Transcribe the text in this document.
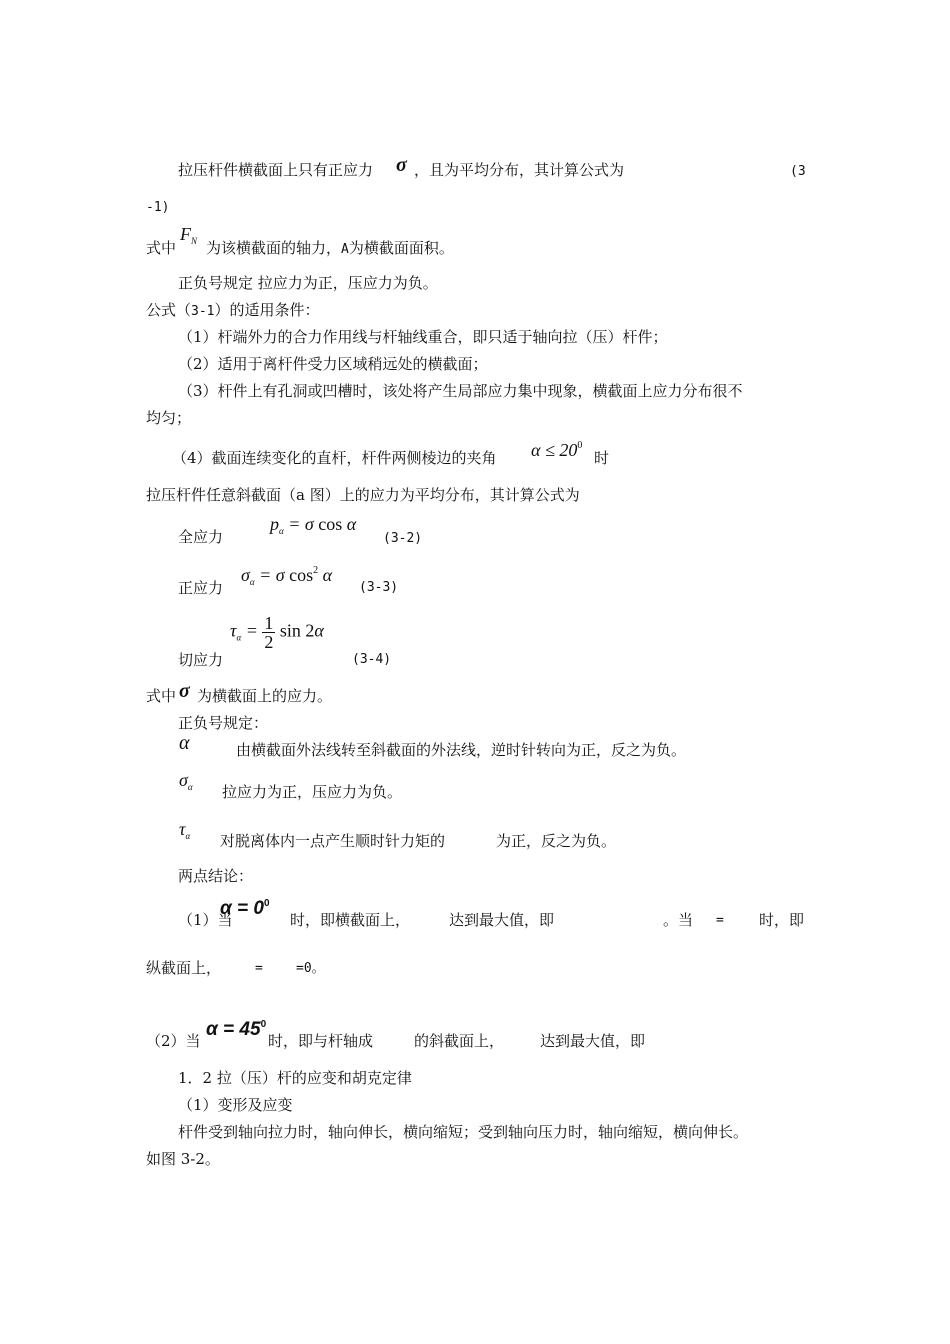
拉压杆件横截面上只有正应力 σ ，且为平均分布，其计算公式为	(3
-1)
式中
$F_N$ 为该横截面的轴力，A为横截面面积。
正负号规定 拉应力为正，压应力为负。
公式（3-1）的适用条件：
（1）杆端外力的合力作用线与杆轴线重合，即只适于轴向拉（压）杆件；
（2）适用于离杆件受力区域稍远处的横截面；
（3）杆件上有孔洞或凹槽时，该处将产生局部应力集中现象，横截面上应力分布很不
均匀；
（4）截面连续变化的直杆，杆件两侧棱边的夹角 $\alpha \le 20^0$
时
拉压杆件任意斜截面（a 图）上的应力为平均分布，其计算公式为
全应力
$p_\alpha = \sigma$ cos α
(3-2)
正应力
$\sigma_\alpha = \sigma$ $\cos^2 \alpha$
(3-3)
切应力
$\tau_\alpha = \frac{1}{2}$ sin 2α
(3-4)
式中 σ 为横截面上的应力。
正负号规定：
α	由横截面外法线转至斜截面的外法线，逆时针转向为正，反之为负。
$\sigma_\alpha$ 拉应力为正，压应力为负。
$\tau_\alpha$ 对脱离体内一点产生顺时针力矩的	为正，反之为负。
两点结论：
（1）当
$\alpha = 0^0$
时，即横截面上，	达到最大值，即	。当 = 时，即
纵截面上，	=	=0。
（2）当
$\alpha = 45^0$
时，即与杆轴成	的斜截面上， 达到最大值，即
1．2 拉（压）杆的应变和胡克定律
（1）变形及应变
杆件受到轴向拉力时，轴向伸长，横向缩短；受到轴向压力时，轴向缩短，横向伸长。
如图 3-2。
